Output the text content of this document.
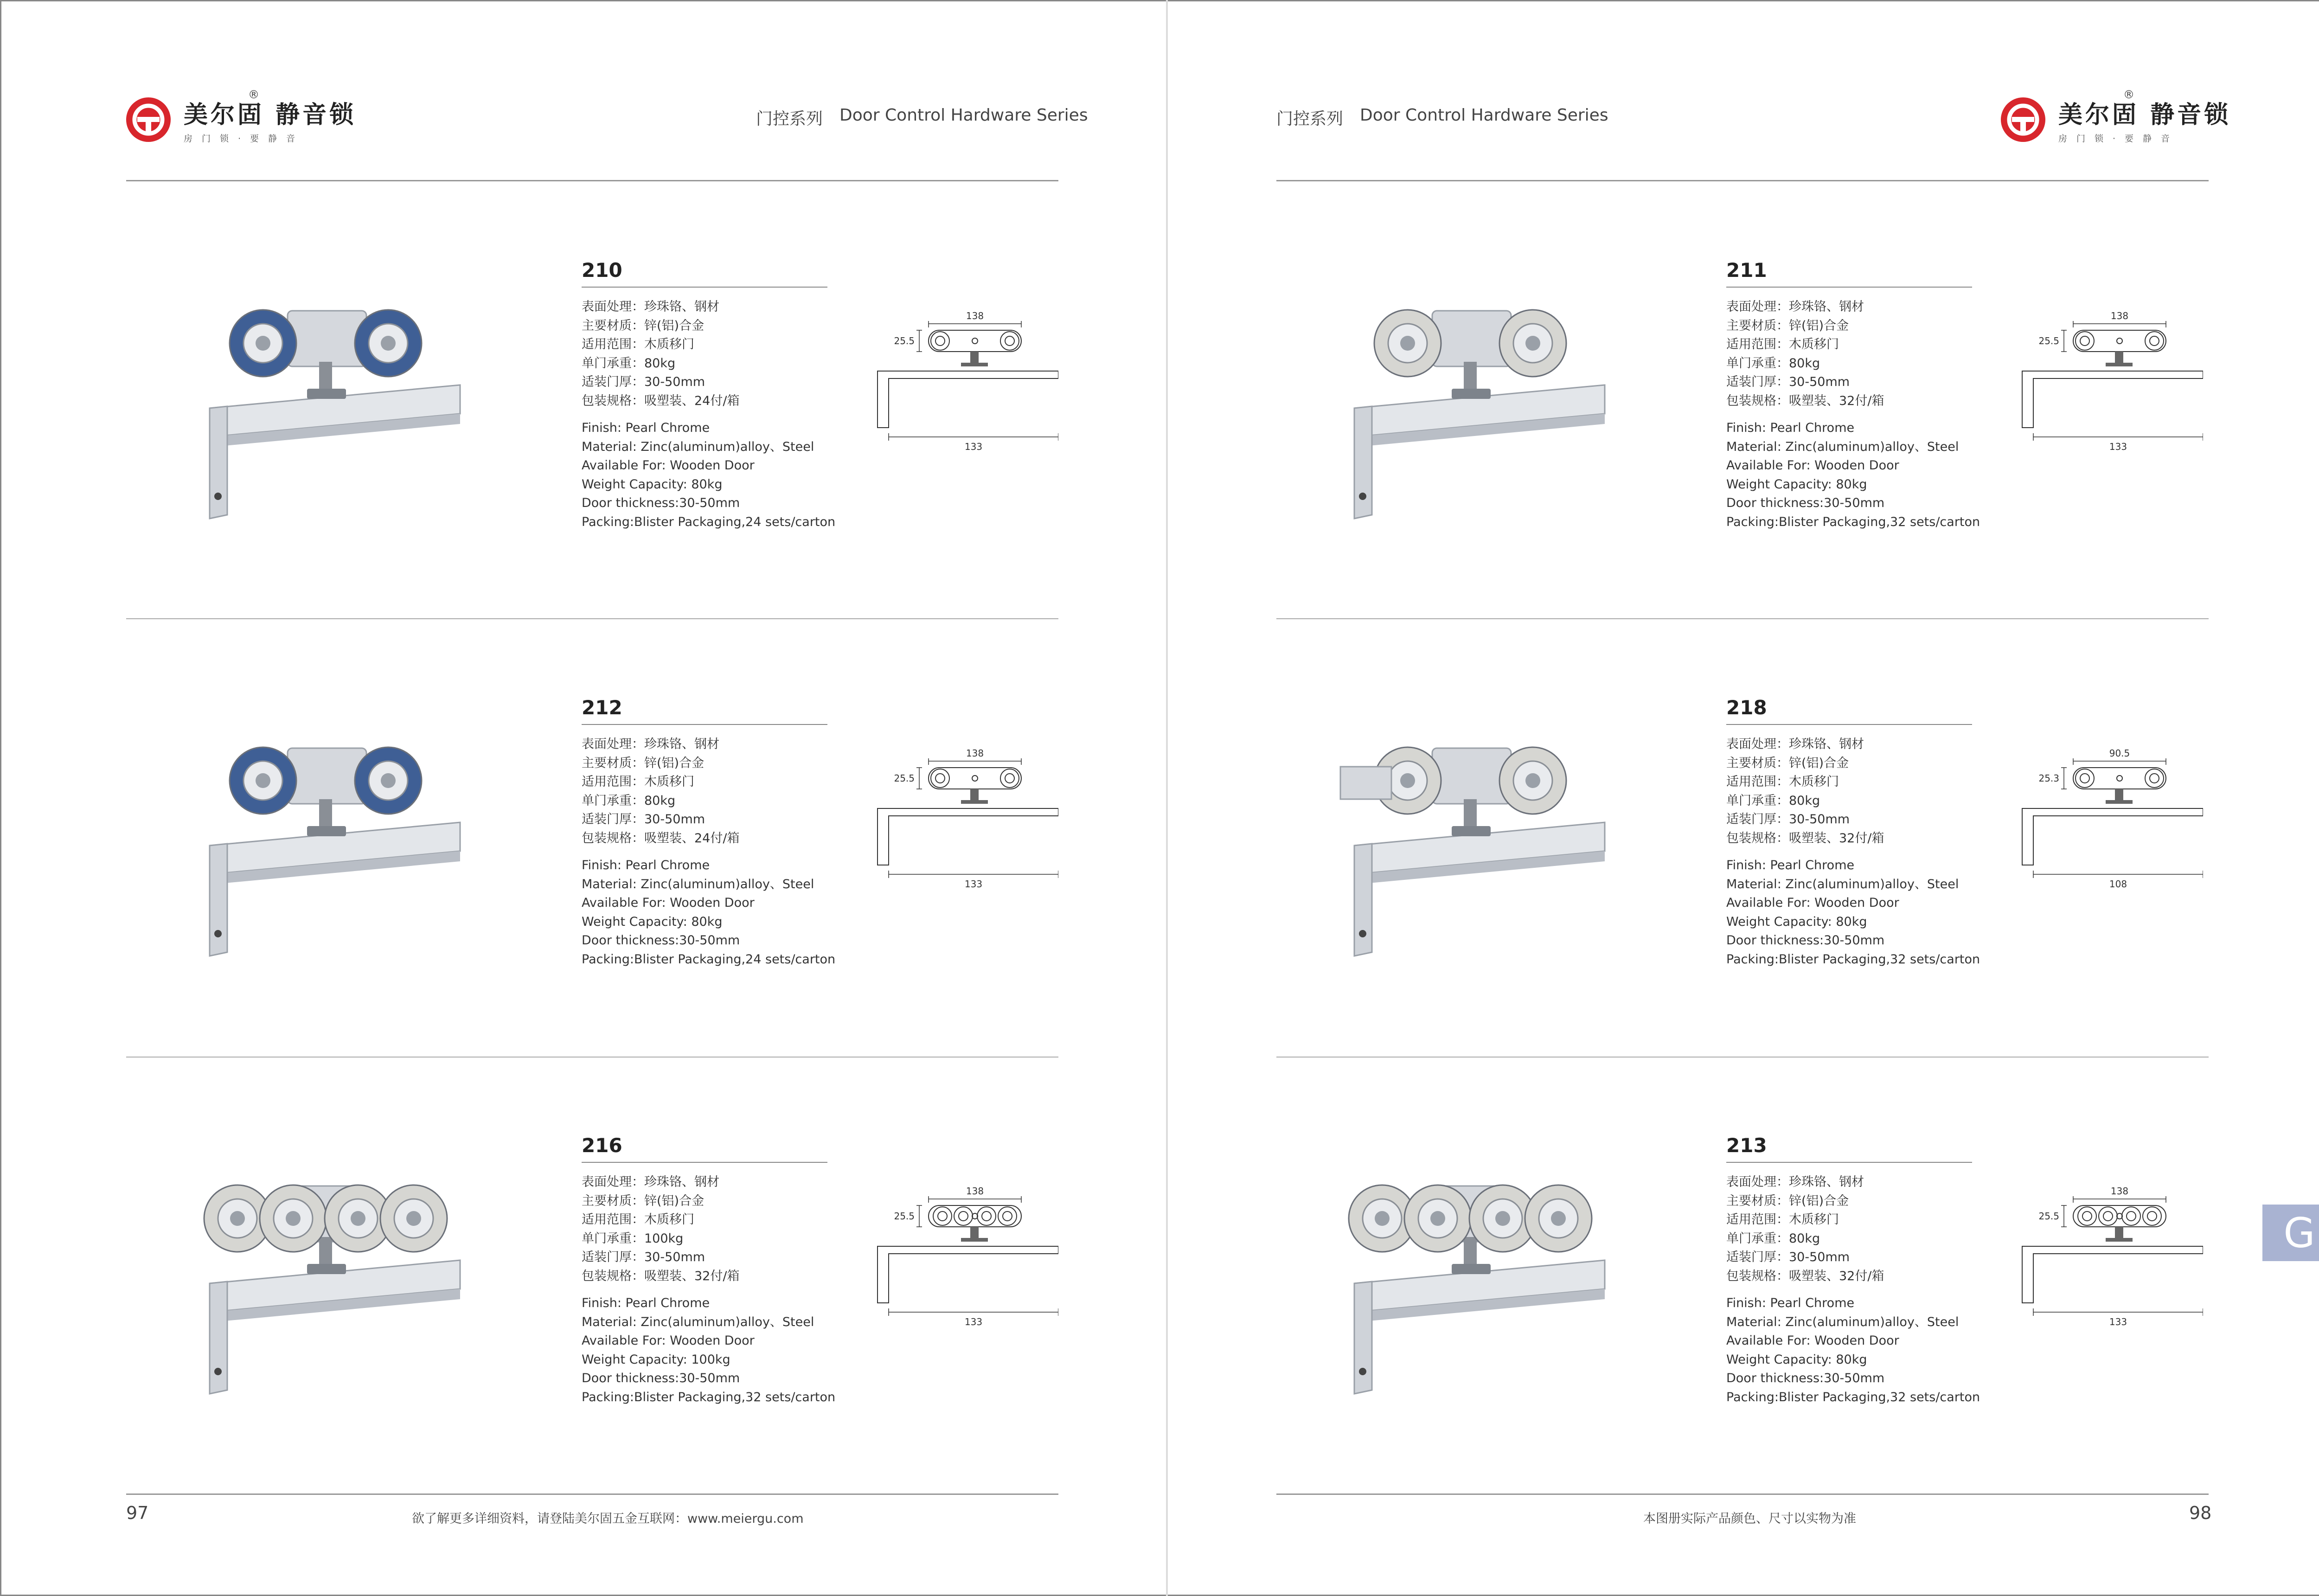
美尔固 静音锁
房门锁·要静音
®
门控系列 Door Control Hardware Series	门控系列 Door Control Hardware Series	美尔固 静音锁
房门锁·要静音
®
210
表面处理：珍珠铬、钢材
主要材质：锌(铝)合金
适用范围：木质移门
单门承重：80kg
适装门厚：30-50mm
包装规格：吸塑装、24付/箱
Finish: Pearl Chrome
Material: Zinc(aluminum)alloy、Steel
Available For: Wooden Door
Weight Capacity: 80kg
Door thickness:30-50mm
Packing:Blister Packaging,24 sets/carton
138
25.5
133
211
表面处理：珍珠铬、钢材
主要材质：锌(铝)合金
适用范围：木质移门
单门承重：80kg
适装门厚：30-50mm
包装规格：吸塑装、32付/箱
Finish: Pearl Chrome
Material: Zinc(aluminum)alloy、Steel
Available For: Wooden Door
Weight Capacity: 80kg
Door thickness:30-50mm
Packing:Blister Packaging,32 sets/carton
138
25.5
133
212
表面处理：珍珠铬、钢材
主要材质：锌(铝)合金
适用范围：木质移门
单门承重：80kg
适装门厚：30-50mm
包装规格：吸塑装、24付/箱
Finish: Pearl Chrome
Material: Zinc(aluminum)alloy、Steel
Available For: Wooden Door
Weight Capacity: 80kg
Door thickness:30-50mm
Packing:Blister Packaging,24 sets/carton
138
25.5
133
218
表面处理：珍珠铬、钢材
主要材质：锌(铝)合金
适用范围：木质移门
单门承重：80kg
适装门厚：30-50mm
包装规格：吸塑装、32付/箱
Finish: Pearl Chrome
Material: Zinc(aluminum)alloy、Steel
Available For: Wooden Door
Weight Capacity: 80kg
Door thickness:30-50mm
Packing:Blister Packaging,32 sets/carton
90.5
25.3
108
216
表面处理：珍珠铬、钢材
主要材质：锌(铝)合金
适用范围：木质移门
单门承重：100kg
适装门厚：30-50mm
包装规格：吸塑装、32付/箱
Finish: Pearl Chrome
Material: Zinc(aluminum)alloy、Steel
Available For: Wooden Door
Weight Capacity: 100kg
Door thickness:30-50mm
Packing:Blister Packaging,32 sets/carton
138
25.5
133
213
表面处理：珍珠铬、钢材
主要材质：锌(铝)合金
适用范围：木质移门
单门承重：80kg
适装门厚：30-50mm
包装规格：吸塑装、32付/箱
Finish: Pearl Chrome
Material: Zinc(aluminum)alloy、Steel
Available For: Wooden Door
Weight Capacity: 80kg
Door thickness:30-50mm
Packing:Blister Packaging,32 sets/carton
138
25.5
133
97	欲了解更多详细资料，请登陆美尔固五金互联网：www.meiergu.com	本图册实际产品颜色、尺寸以实物为准	98
G
